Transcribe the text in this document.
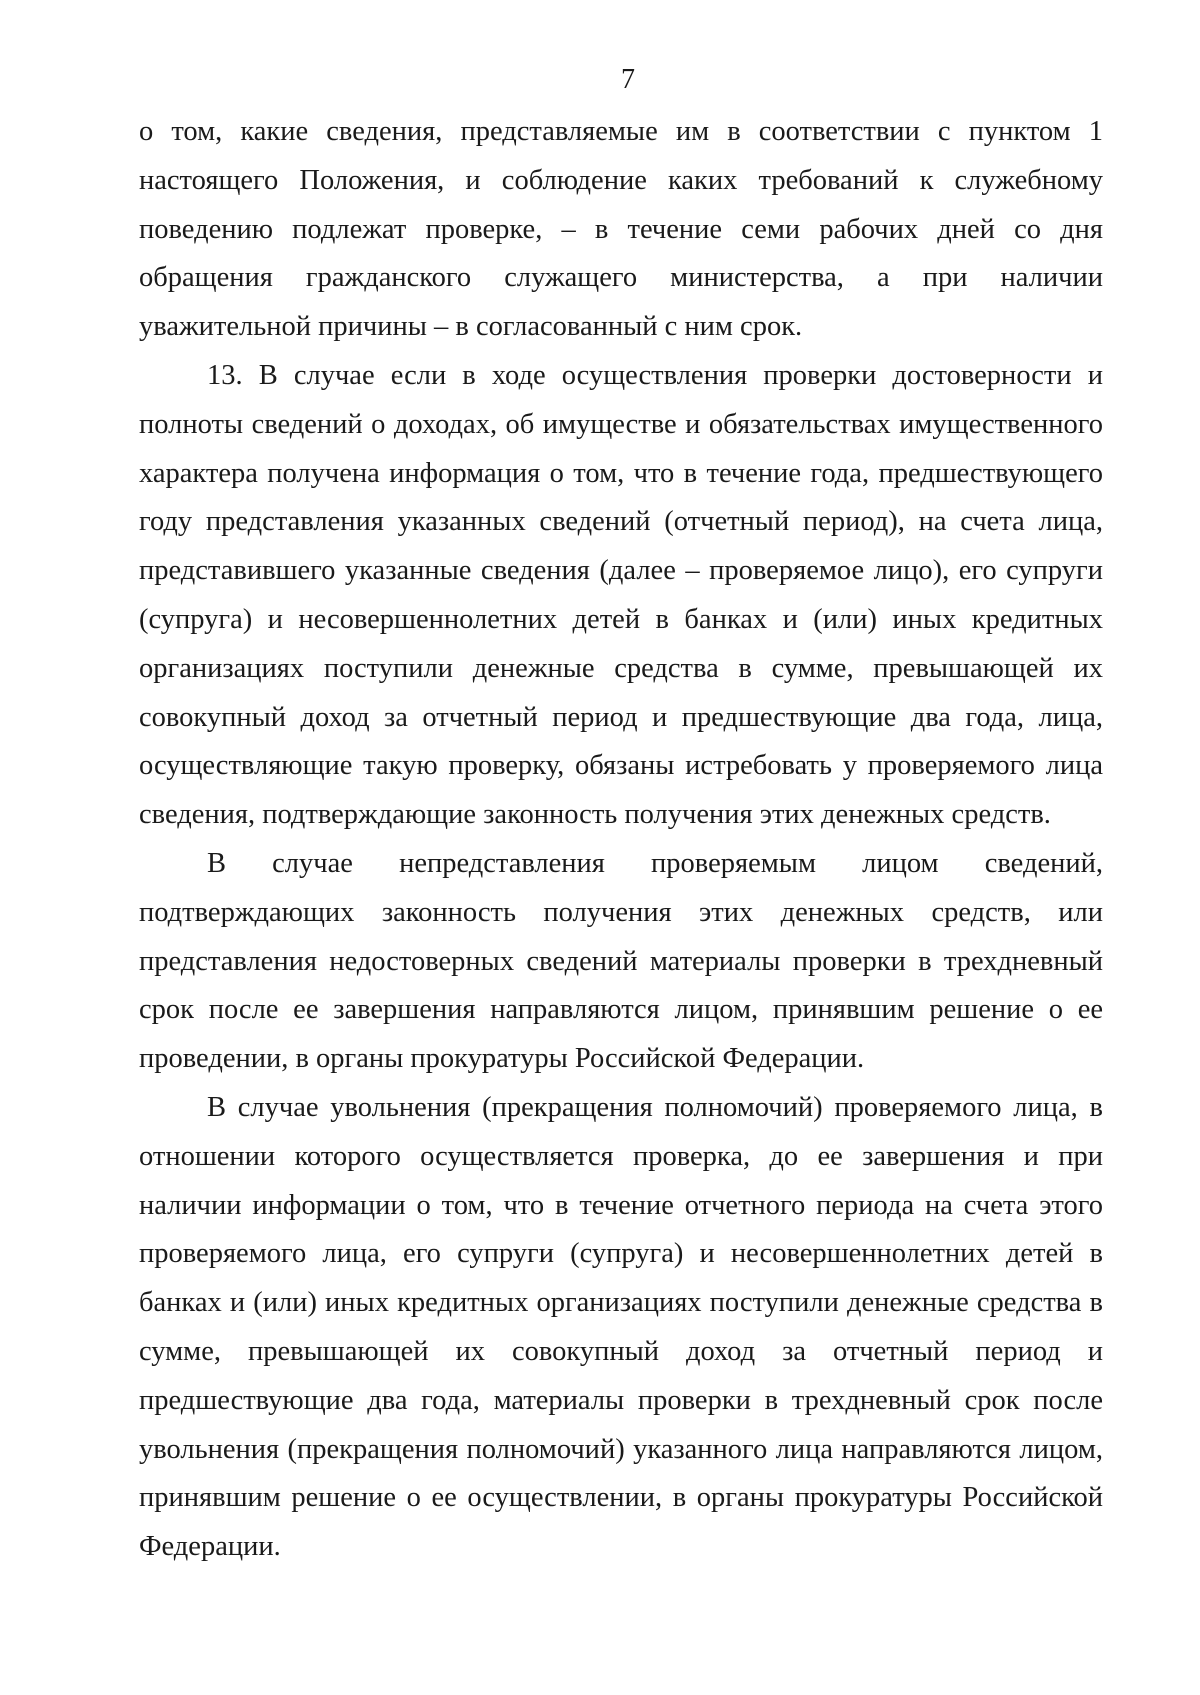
7
о том, какие сведения, представляемые им в соответствии с пунктом 1
настоящего Положения, и соблюдение каких требований к служебному
поведению подлежат проверке, – в течение семи рабочих дней со дня
обращения гражданского служащего министерства, а при наличии
уважительной причины – в согласованный с ним срок.
13. В случае если в ходе осуществления проверки достоверности и
полноты сведений о доходах, об имуществе и обязательствах имущественного
характера получена информация о том, что в течение года, предшествующего
году представления указанных сведений (отчетный период), на счета лица,
представившего указанные сведения (далее – проверяемое лицо), его супруги
(супруга) и несовершеннолетних детей в банках и (или) иных кредитных
организациях поступили денежные средства в сумме, превышающей их
совокупный доход за отчетный период и предшествующие два года, лица,
осуществляющие такую проверку, обязаны истребовать у проверяемого лица
сведения, подтверждающие законность получения этих денежных средств.
В случае непредставления проверяемым лицом сведений,
подтверждающих законность получения этих денежных средств, или
представления недостоверных сведений материалы проверки в трехдневный
срок после ее завершения направляются лицом, принявшим решение о ее
проведении, в органы прокуратуры Российской Федерации.
В случае увольнения (прекращения полномочий) проверяемого лица, в
отношении которого осуществляется проверка, до ее завершения и при
наличии информации о том, что в течение отчетного периода на счета этого
проверяемого лица, его супруги (супруга) и несовершеннолетних детей в
банках и (или) иных кредитных организациях поступили денежные средства в
сумме, превышающей их совокупный доход за отчетный период и
предшествующие два года, материалы проверки в трехдневный срок после
увольнения (прекращения полномочий) указанного лица направляются лицом,
принявшим решение о ее осуществлении, в органы прокуратуры Российской
Федерации.
